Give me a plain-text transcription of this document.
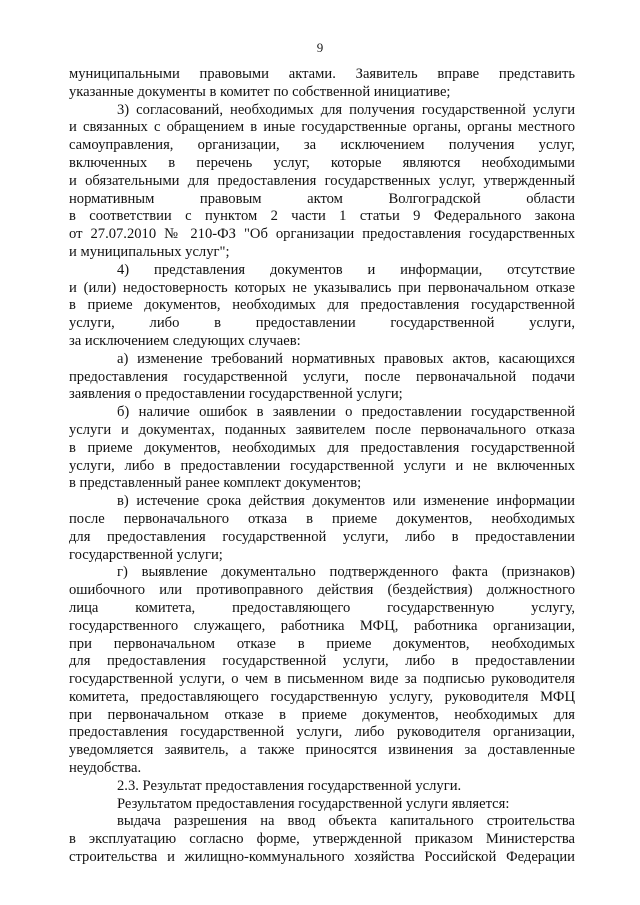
9
муниципальными правовыми актами. Заявитель вправе представить
указанные документы в комитет по собственной инициативе;
3) согласований, необходимых для получения государственной услуги
и связанных с обращением в иные государственные органы, органы местного
самоуправления, организации, за исключением получения услуг,
включенных в перечень услуг, которые являются необходимыми
и обязательными для предоставления государственных услуг, утвержденный
нормативным правовым актом Волгоградской области
в соответствии с пунктом 2 части 1 статьи 9 Федерального закона
от 27.07.2010 № 210-ФЗ "Об организации предоставления государственных
и муниципальных услуг";
4) представления документов и информации, отсутствие
и (или) недостоверность которых не указывались при первоначальном отказе
в приеме документов, необходимых для предоставления государственной
услуги, либо в предоставлении государственной услуги,
за исключением следующих случаев:
а) изменение требований нормативных правовых актов, касающихся
предоставления государственной услуги, после первоначальной подачи
заявления о предоставлении государственной услуги;
б) наличие ошибок в заявлении о предоставлении государственной
услуги и документах, поданных заявителем после первоначального отказа
в приеме документов, необходимых для предоставления государственной
услуги, либо в предоставлении государственной услуги и не включенных
в представленный ранее комплект документов;
в) истечение срока действия документов или изменение информации
после первоначального отказа в приеме документов, необходимых
для предоставления государственной услуги, либо в предоставлении
государственной услуги;
г) выявление документально подтвержденного факта (признаков)
ошибочного или противоправного действия (бездействия) должностного
лица комитета, предоставляющего государственную услугу,
государственного служащего, работника МФЦ, работника организации,
при первоначальном отказе в приеме документов, необходимых
для предоставления государственной услуги, либо в предоставлении
государственной услуги, о чем в письменном виде за подписью руководителя
комитета, предоставляющего государственную услугу, руководителя МФЦ
при первоначальном отказе в приеме документов, необходимых для
предоставления государственной услуги, либо руководителя организации,
уведомляется заявитель, а также приносятся извинения за доставленные
неудобства.
2.3. Результат предоставления государственной услуги.
Результатом предоставления государственной услуги является:
выдача разрешения на ввод объекта капитального строительства
в эксплуатацию согласно форме, утвержденной приказом Министерства
строительства и жилищно-коммунального хозяйства Российской Федерации
